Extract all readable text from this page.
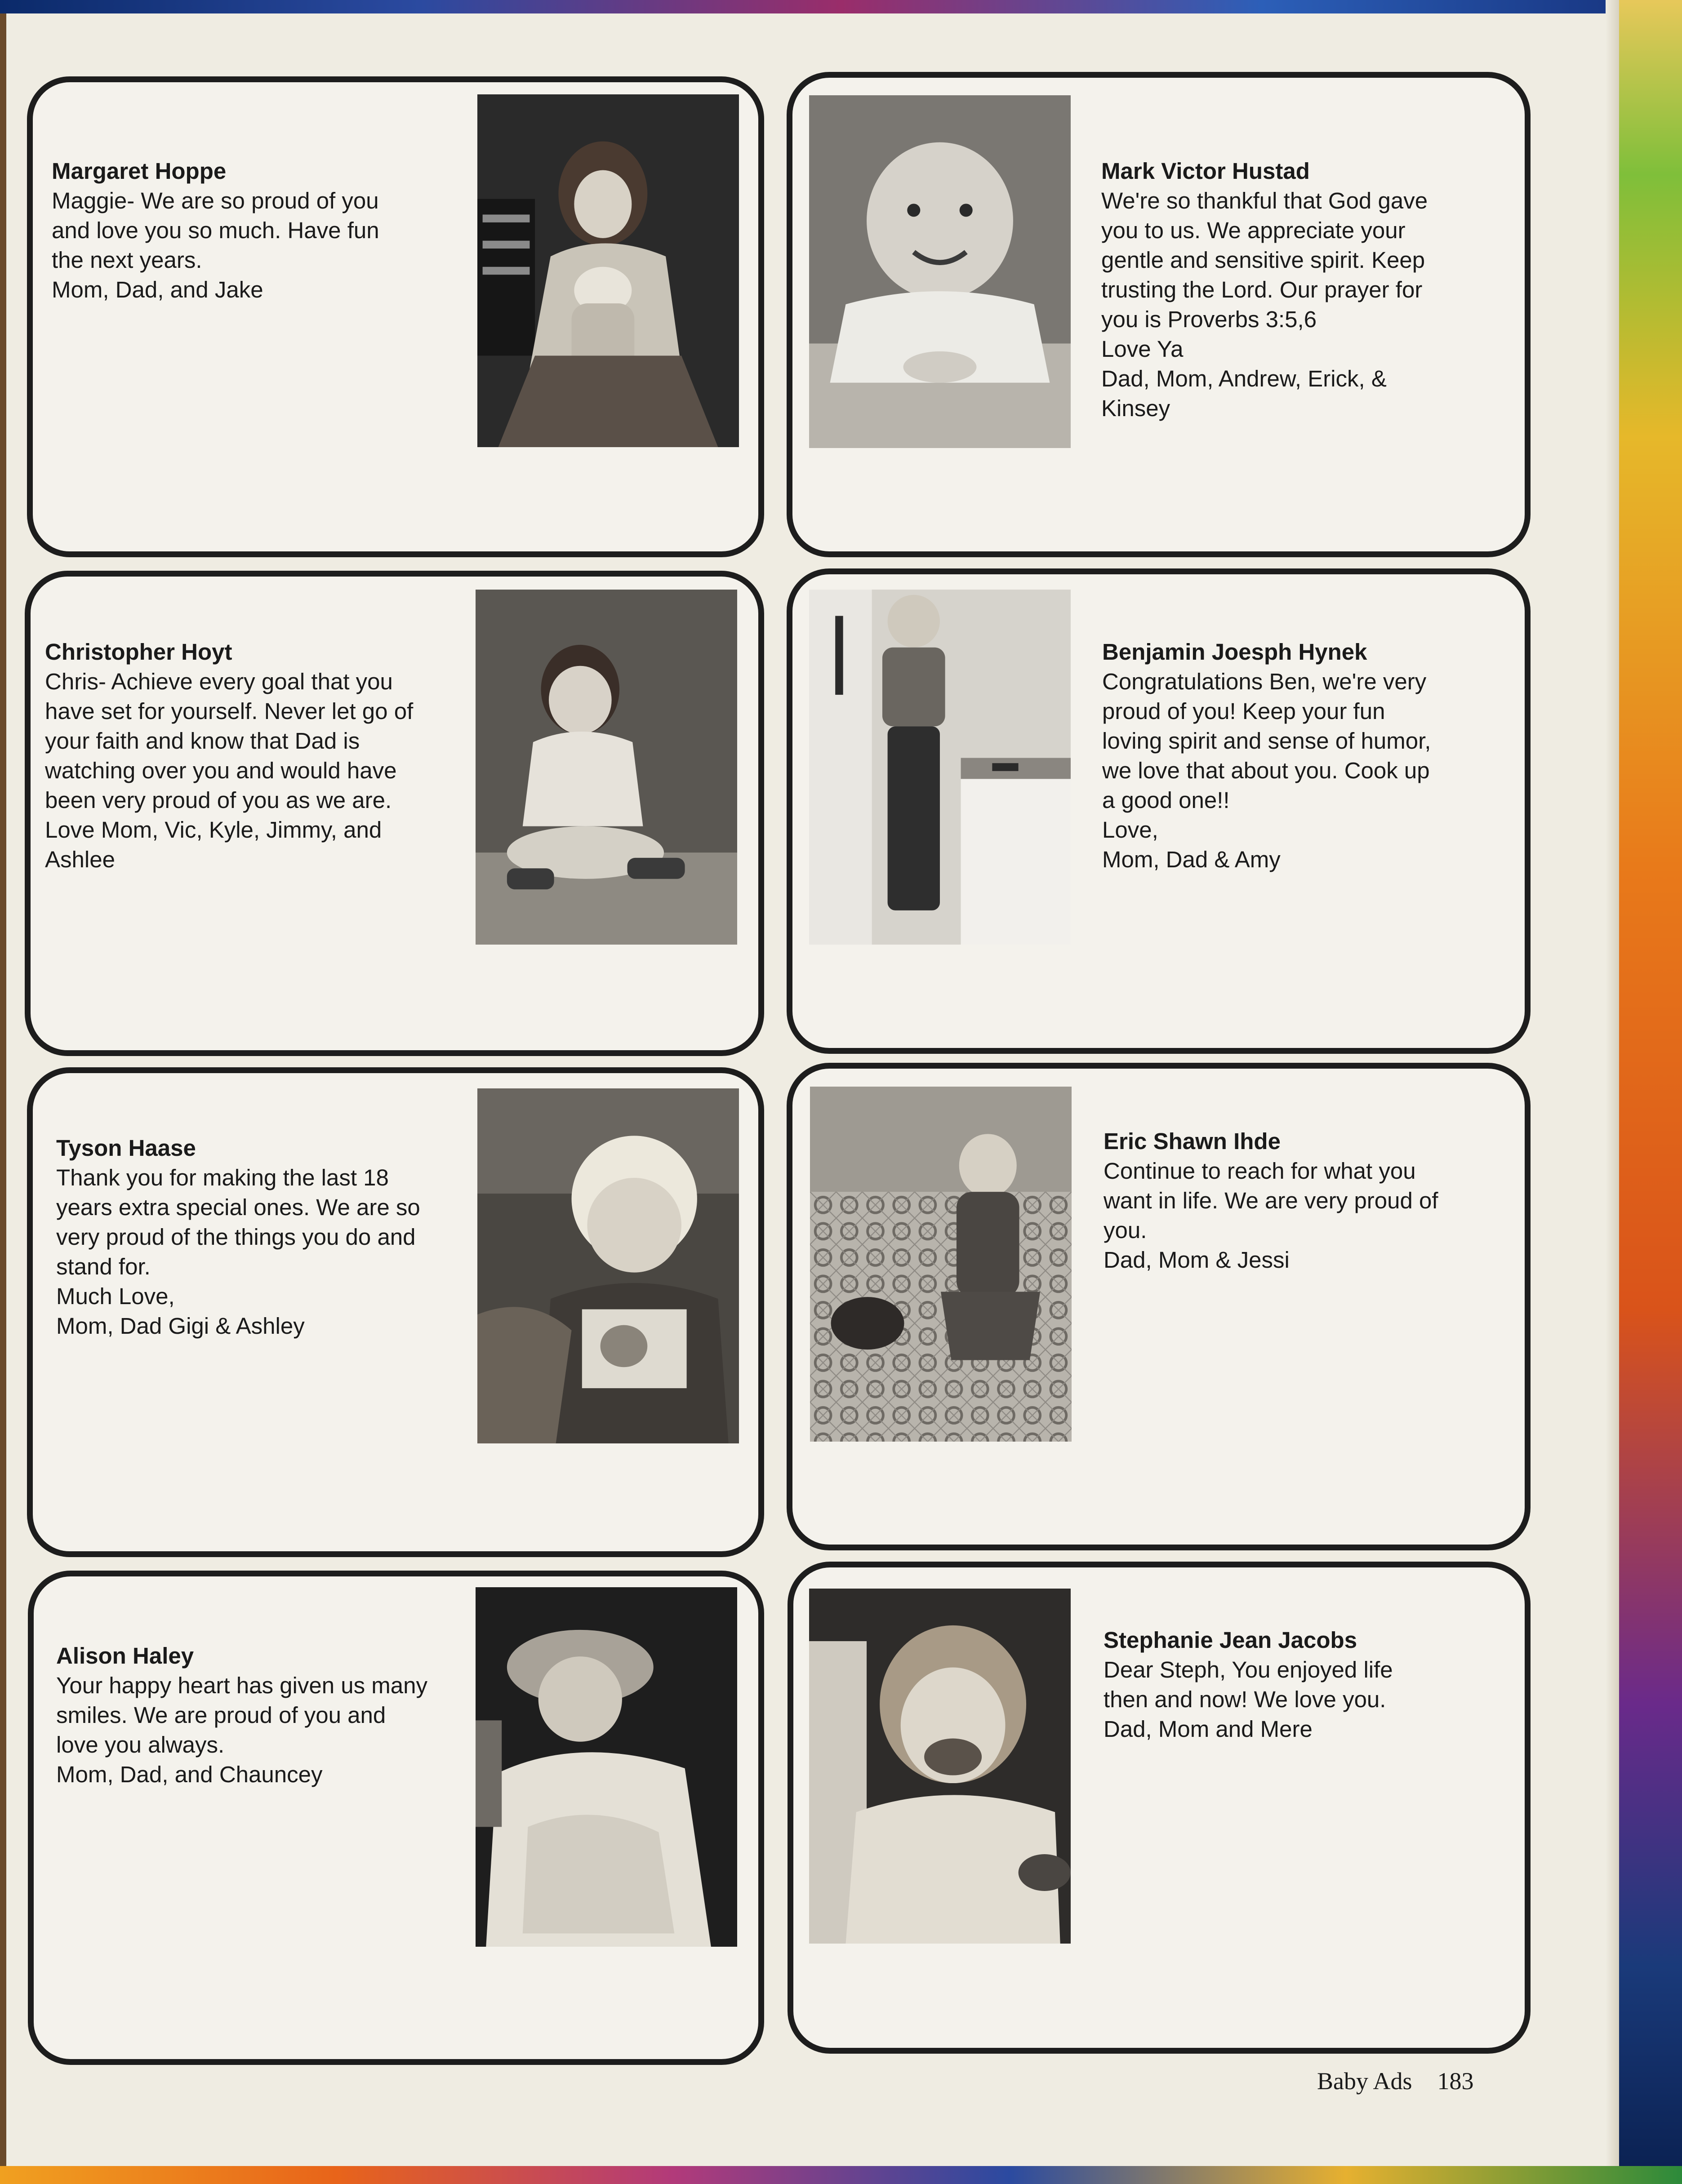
Margaret Hoppe
Maggie- We are so proud of you
and love you so much. Have fun
the next years.
Mom, Dad, and Jake
Mark Victor Hustad
We're so thankful that God gave
you to us. We appreciate your
gentle and sensitive spirit. Keep
trusting the Lord. Our prayer for
you is Proverbs 3:5,6
Love Ya
Dad, Mom, Andrew, Erick, &
Kinsey
Christopher Hoyt
Chris- Achieve every goal that you
have set for yourself. Never let go of
your faith and know that Dad is
watching over you and would have
been very proud of you as we are.
Love Mom, Vic, Kyle, Jimmy, and
Ashlee
Benjamin Joesph Hynek
Congratulations Ben, we're very
proud of you! Keep your fun
loving spirit and sense of humor,
we love that about you. Cook up
a good one!!
Love,
Mom, Dad & Amy
Tyson Haase
Thank you for making the last 18
years extra special ones. We are so
very proud of the things you do and
stand for.
Much Love,
Mom, Dad Gigi & Ashley
Eric Shawn Ihde
Continue to reach for what you
want in life. We are very proud of
you.
Dad, Mom & Jessi
Alison Haley
Your happy heart has given us many
smiles. We are proud of you and
love you always.
Mom, Dad, and Chauncey
Stephanie Jean Jacobs
Dear Steph, You enjoyed life
then and now! We love you.
Dad, Mom and Mere
Baby Ads 183
